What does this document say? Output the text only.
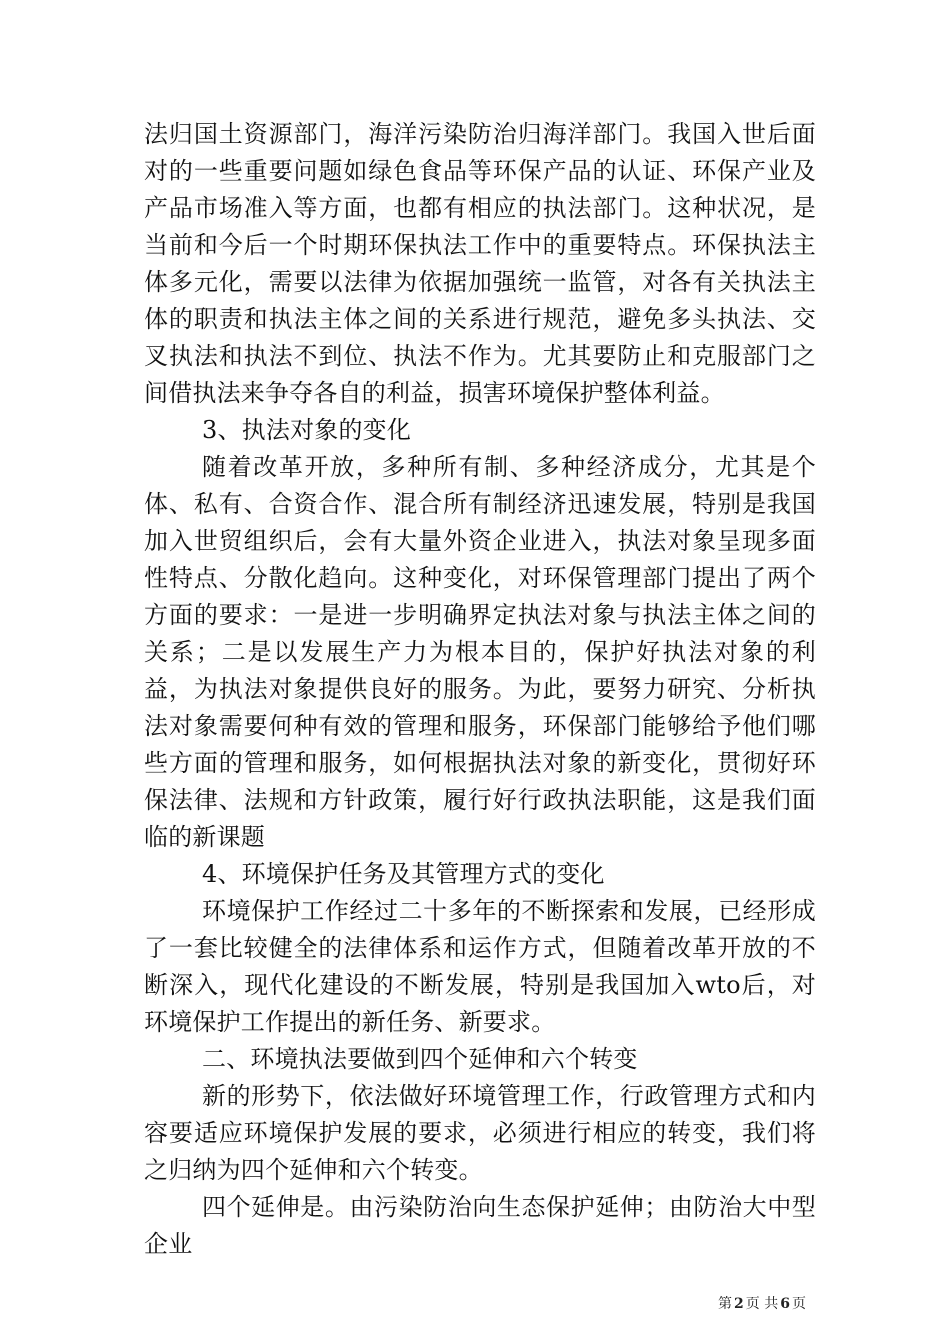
法归国土资源部门，海洋污染防治归海洋部门。我国入世后面对的一些重要问题如绿色食品等环保产品的认证、环保产业及产品市场准入等方面，也都有相应的执法部门。这种状况，是当前和今后一个时期环保执法工作中的重要特点。环保执法主体多元化，需要以法律为依据加强统一监管，对各有关执法主体的职责和执法主体之间的关系进行规范，避免多头执法、交叉执法和执法不到位、执法不作为。尤其要防止和克服部门之间借执法来争夺各自的利益，损害环境保护整体利益。

3、执法对象的变化

随着改革开放，多种所有制、多种经济成分，尤其是个体、私有、合资合作、混合所有制经济迅速发展，特别是我国加入世贸组织后，会有大量外资企业进入，执法对象呈现多面性特点、分散化趋向。这种变化，对环保管理部门提出了两个方面的要求：一是进一步明确界定执法对象与执法主体之间的关系；二是以发展生产力为根本目的，保护好执法对象的利益，为执法对象提供良好的服务。为此，要努力研究、分析执法对象需要何种有效的管理和服务，环保部门能够给予他们哪些方面的管理和服务，如何根据执法对象的新变化，贯彻好环保法律、法规和方针政策，履行好行政执法职能，这是我们面临的新课题

4、环境保护任务及其管理方式的变化

环境保护工作经过二十多年的不断探索和发展，已经形成了一套比较健全的法律体系和运作方式，但随着改革开放的不断深入，现代化建设的不断发展，特别是我国加入wto后，对环境保护工作提出的新任务、新要求。

二、环境执法要做到四个延伸和六个转变

新的形势下，依法做好环境管理工作，行政管理方式和内容要适应环境保护发展的要求，必须进行相应的转变，我们将之归纳为四个延伸和六个转变。

四个延伸是。由污染防治向生态保护延伸；由防治大中型企业

第 2 页 共 6 页
